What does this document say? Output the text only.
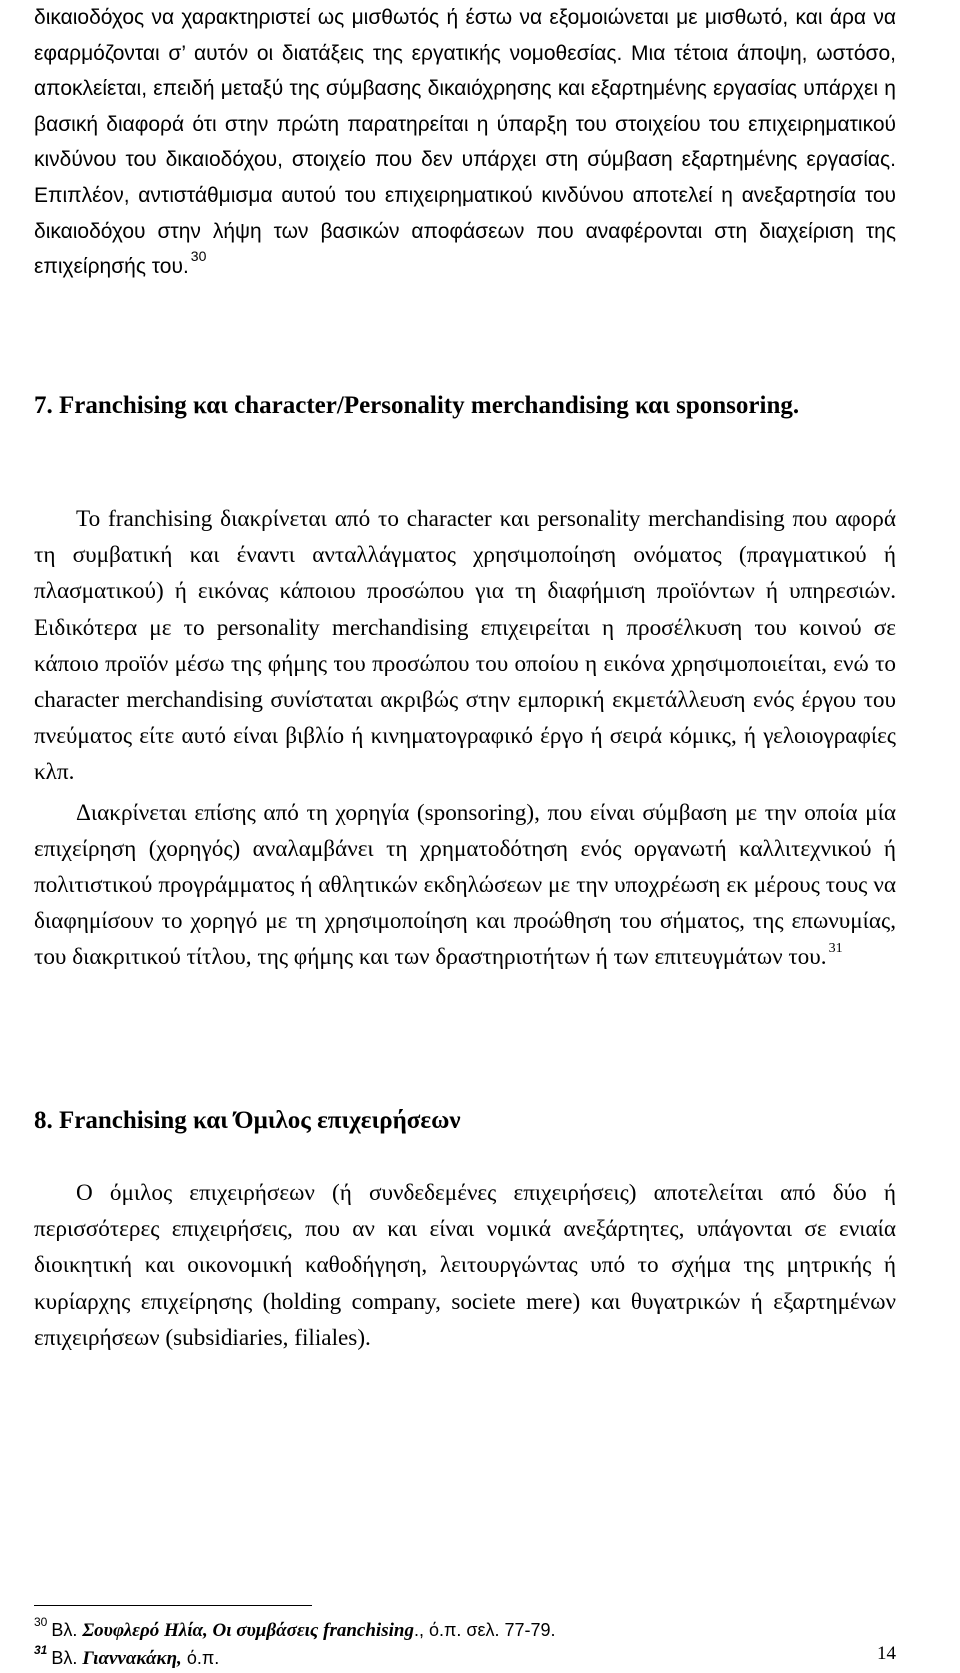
δικαιοδόχος να χαρακτηριστεί ως μισθωτός ή έστω να εξομοιώνεται με μισθωτό, και άρα να εφαρμόζονται σ’ αυτόν οι διατάξεις της εργατικής νομοθεσίας. Μια τέτοια άποψη, ωστόσο, αποκλείεται, επειδή μεταξύ της σύμβασης δικαιόχρησης και εξαρτημένης εργασίας υπάρχει η βασική διαφορά ότι στην πρώτη παρατηρείται η ύπαρξη του στοιχείου του επιχειρηματικού κινδύνου του δικαιοδόχου, στοιχείο που δεν υπάρχει στη σύμβαση εξαρτημένης εργασίας. Επιπλέον, αντιστάθμισμα αυτού του επιχειρηματικού κινδύνου αποτελεί η ανεξαρτησία του δικαιοδόχου στην λήψη των βασικών αποφάσεων που αναφέρονται στη διαχείριση της επιχείρησής του. $^{30}$

7. Franchising και character/Personality merchandising και sponsoring.

Το franchising διακρίνεται από το character και personality merchandising που αφορά τη συμβατική και έναντι ανταλλάγματος χρησιμοποίηση ονόματος (πραγματικού ή πλασματικού) ή εικόνας κάποιου προσώπου για τη διαφήμιση προϊόντων ή υπηρεσιών. Ειδικότερα με το personality merchandising επιχειρείται η προσέλκυση του κοινού σε κάποιο προϊόν μέσω της φήμης του προσώπου του οποίου η εικόνα χρησιμοποιείται, ενώ το character merchandising συνίσταται ακριβώς στην εμπορική εκμετάλλευση ενός έργου του πνεύματος είτε αυτό είναι βιβλίο ή κινηματογραφικό έργο ή σειρά κόμικς, ή γελοιογραφίες κλπ.

Διακρίνεται επίσης από τη χορηγία (sponsoring), που είναι σύμβαση με την οποία μία επιχείρηση (χορηγός) αναλαμβάνει τη χρηματοδότηση ενός οργανωτή καλλιτεχνικού ή πολιτιστικού προγράμματος ή αθλητικών εκδηλώσεων με την υποχρέωση εκ μέρους τους να διαφημίσουν το χορηγό με τη χρησιμοποίηση και προώθηση του σήματος, της επωνυμίας, του διακριτικού τίτλου, της φήμης και των δραστηριοτήτων ή των επιτευγμάτων του. $^{31}$

8. Franchising και Όμιλος επιχειρήσεων

Ο όμιλος επιχειρήσεων (ή συνδεδεμένες επιχειρήσεις) αποτελείται από δύο ή περισσότερες επιχειρήσεις, που αν και είναι νομικά ανεξάρτητες, υπάγονται σε ενιαία διοικητική και οικονομική καθοδήγηση, λειτουργώντας υπό το σχήμα της μητρικής ή κυρίαρχης επιχείρησης (holding company, societe mere) και θυγατρικών ή εξαρτημένων επιχειρήσεων (subsidiaries, filiales).

$^{30}$ Βλ. Σουφλερό Ηλία, Οι συμβάσεις franchising., ό.π. σελ. 77-79.
$^{31}$ Βλ. Γιαννακάκη, ό.π.	14
